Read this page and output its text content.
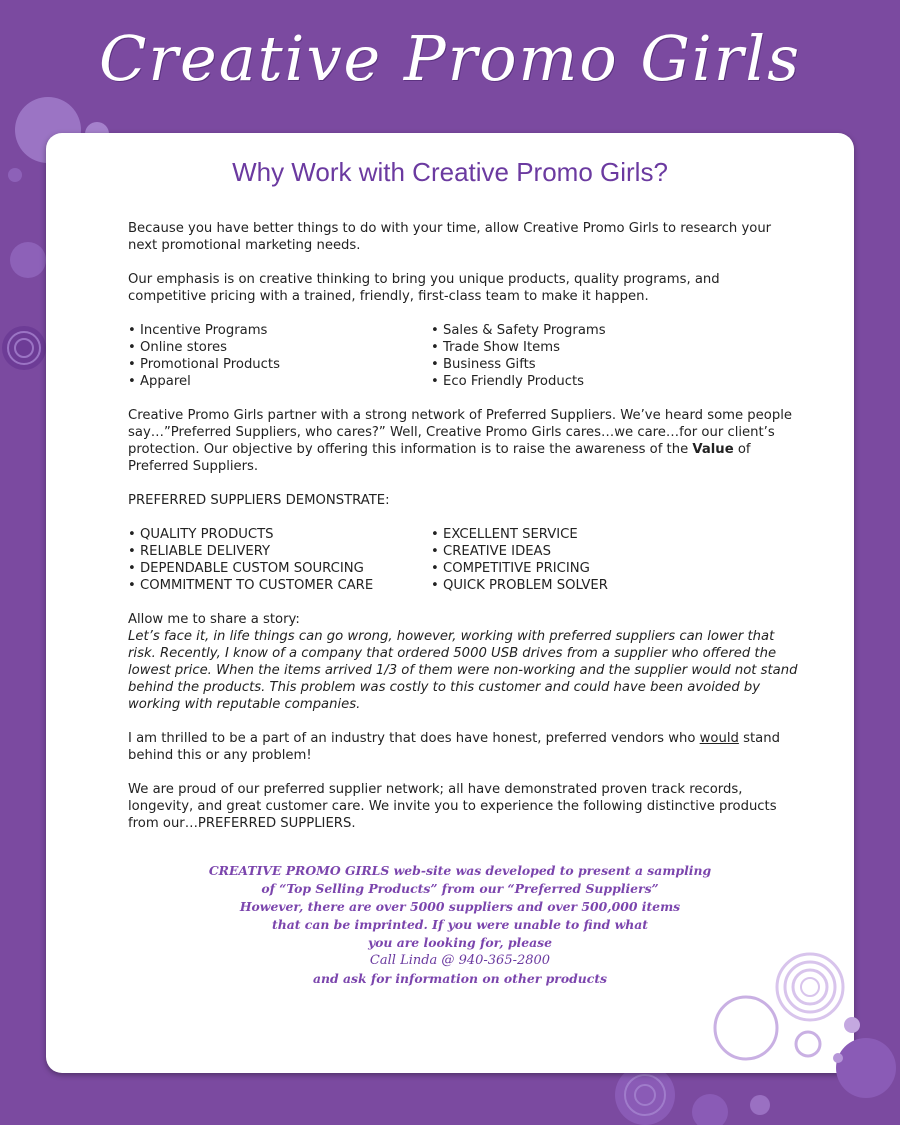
Creative Promo Girls
Why Work with Creative Promo Girls?

Because you have better things to do with your time, allow Creative Promo Girls to research your next promotional marketing needs.

Our emphasis is on creative thinking to bring you unique products, quality programs, and competitive pricing with a trained, friendly, first-class team to make it happen.

• Incentive Programs
• Online stores
• Promotional Products
• Apparel
• Sales & Safety Programs
• Trade Show Items
• Business Gifts
• Eco Friendly Products

Creative Promo Girls partner with a strong network of Preferred Suppliers. We’ve heard some people say…”Preferred Suppliers, who cares?” Well, Creative Promo Girls cares…we care…for our client’s protection. Our objective by offering this information is to raise the awareness of the Value of Preferred Suppliers.

PREFERRED SUPPLIERS DEMONSTRATE:

• QUALITY PRODUCTS
• RELIABLE DELIVERY
• DEPENDABLE CUSTOM SOURCING
• COMMITMENT TO CUSTOMER CARE
• EXCELLENT SERVICE
• CREATIVE IDEAS
• COMPETITIVE PRICING
• QUICK PROBLEM SOLVER

Allow me to share a story:

Let’s face it, in life things can go wrong, however, working with preferred suppliers can lower that risk. Recently, I know of a company that ordered 5000 USB drives from a supplier who offered the lowest price. When the items arrived 1/3 of them were non-working and the supplier would not stand behind the products. This problem was costly to this customer and could have been avoided by working with reputable companies.

I am thrilled to be a part of an industry that does have honest, preferred vendors who would stand behind this or any problem!

We are proud of our preferred supplier network; all have demonstrated proven track records, longevity, and great customer care. We invite you to experience the following distinctive products from our…PREFERRED SUPPLIERS.

CREATIVE PROMO GIRLS web-site was developed to present a sampling
of “Top Selling Products” from our “Preferred Suppliers”
However, there are over 5000 suppliers and over 500,000 items
that can be imprinted. If you were unable to find what
you are looking for, please
Call Linda @ 940-365-2800
and ask for information on other products
